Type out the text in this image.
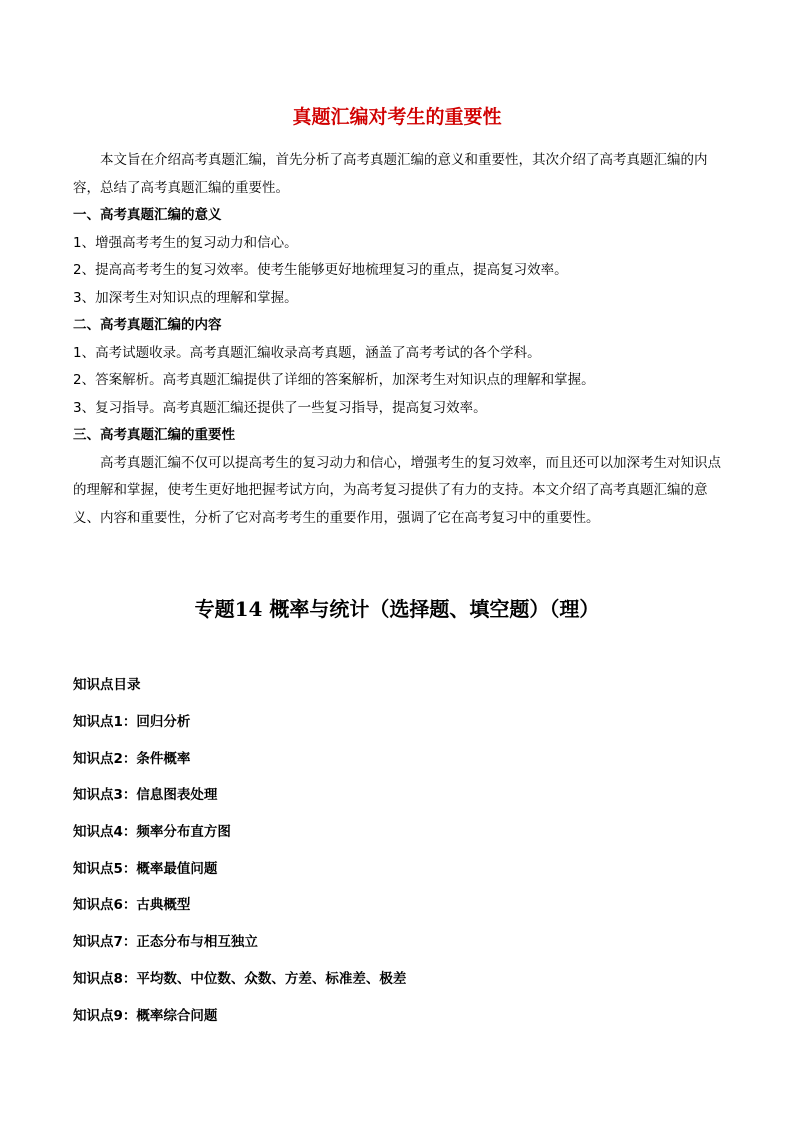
真题汇编对考生的重要性

本文旨在介绍高考真题汇编，首先分析了高考真题汇编的意义和重要性，其次介绍了高考真题汇编的内容，总结了高考真题汇编的重要性。

一、高考真题汇编的意义

1、增强高考考生的复习动力和信心。

2、提高高考考生的复习效率。使考生能够更好地梳理复习的重点，提高复习效率。

3、加深考生对知识点的理解和掌握。

二、高考真题汇编的内容

1、高考试题收录。高考真题汇编收录高考真题，涵盖了高考考试的各个学科。

2、答案解析。高考真题汇编提供了详细的答案解析，加深考生对知识点的理解和掌握。

3、复习指导。高考真题汇编还提供了一些复习指导，提高复习效率。

三、高考真题汇编的重要性

高考真题汇编不仅可以提高考生的复习动力和信心，增强考生的复习效率，而且还可以加深考生对知识点的理解和掌握，使考生更好地把握考试方向，为高考复习提供了有力的支持。本文介绍了高考真题汇编的意义、内容和重要性，分析了它对高考考生的重要作用，强调了它在高考复习中的重要性。

专题14 概率与统计（选择题、填空题）（理）

知识点目录

知识点1：回归分析
知识点2：条件概率
知识点3：信息图表处理
知识点4：频率分布直方图
知识点5：概率最值问题
知识点6：古典概型
知识点7：正态分布与相互独立
知识点8：平均数、中位数、众数、方差、标准差、极差
知识点9：概率综合问题
